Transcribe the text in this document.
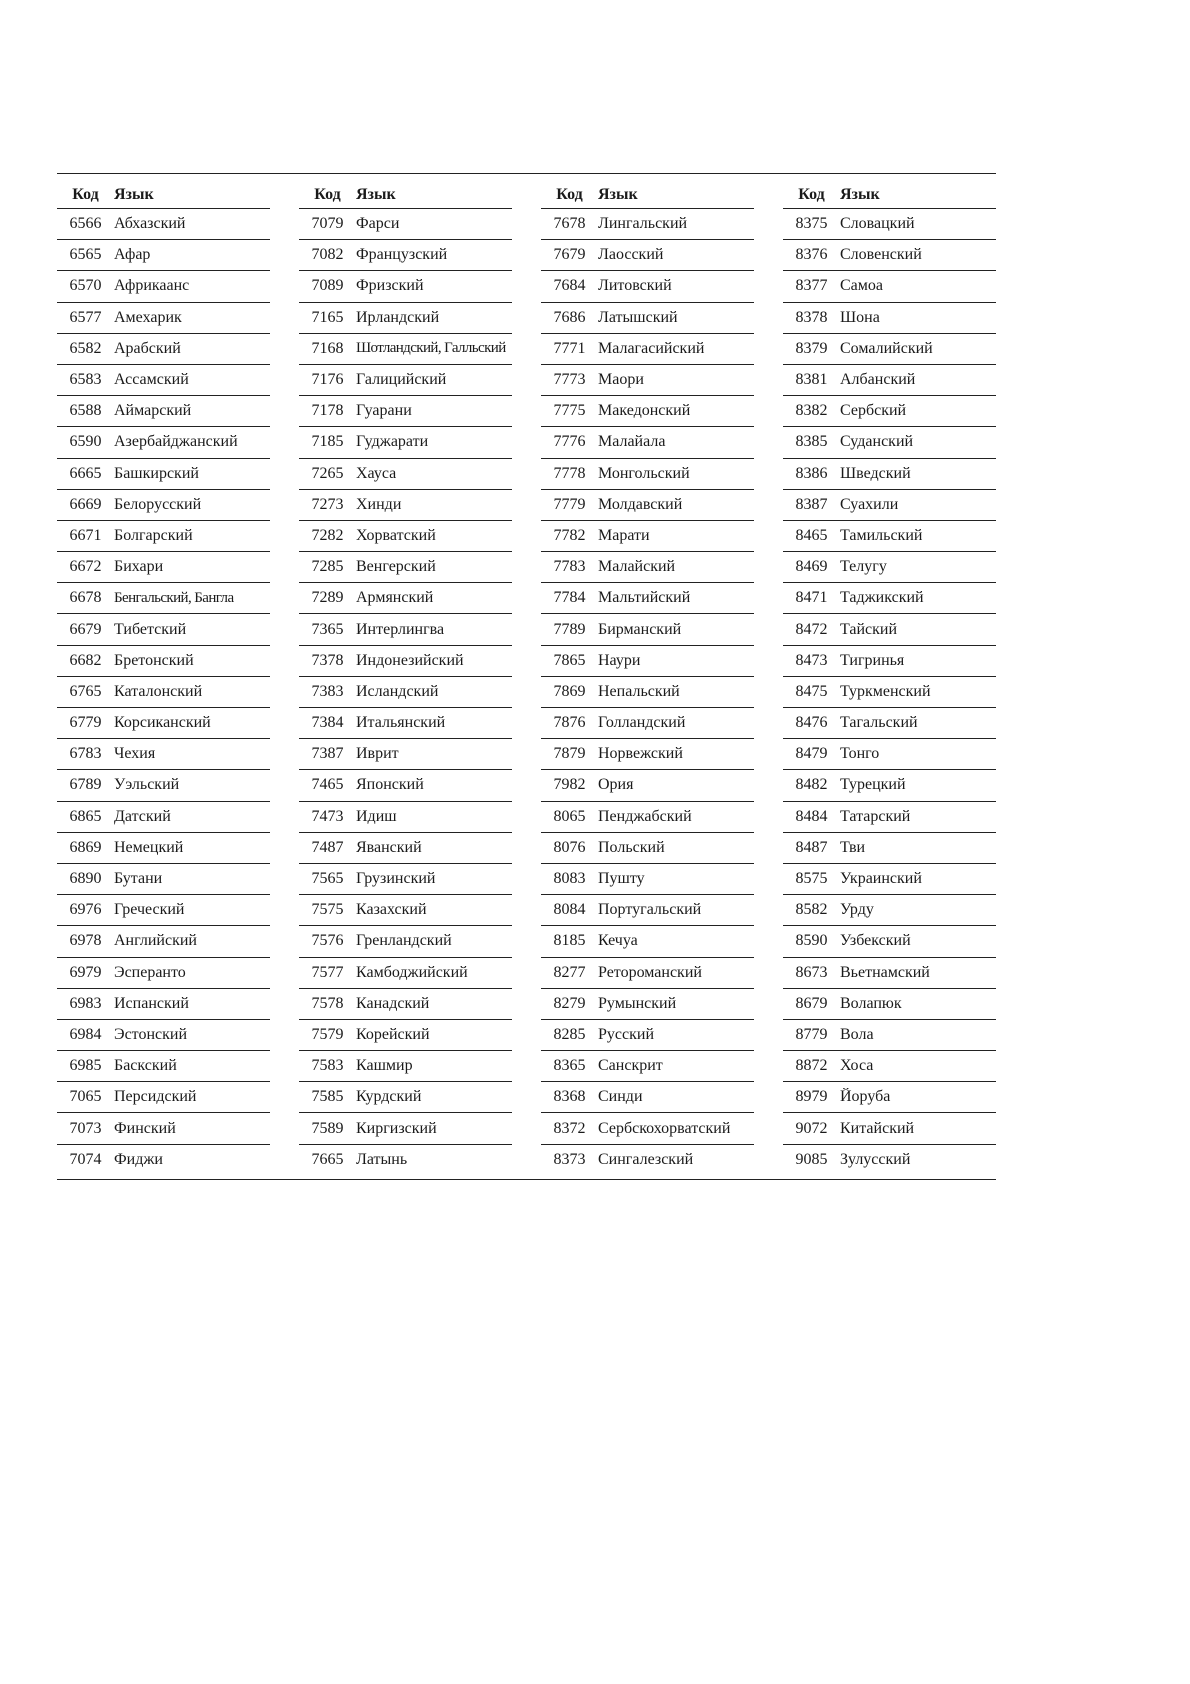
Код Язык
6566 Абхазский
6565 Афар
6570 Африкаанс
6577 Амехарик
6582 Арабский
6583 Ассамский
6588 Аймарский
6590 Азербайджанский
6665 Башкирский
6669 Белорусский
6671 Болгарский
6672 Бихари
6678 Бенгальский, Бангла
6679 Тибетский
6682 Бретонский
6765 Каталонский
6779 Корсиканский
6783 Чехия
6789 Уэльский
6865 Датский
6869 Немецкий
6890 Бутани
6976 Греческий
6978 Английский
6979 Эсперанто
6983 Испанский
6984 Эстонский
6985 Баскский
7065 Персидский
7073 Финский
7074 Фиджи
Код Язык
7079 Фарси
7082 Французский
7089 Фризский
7165 Ирландский
7168 Шотландский, Галльский
7176 Галицийский
7178 Гуарани
7185 Гуджарати
7265 Хауса
7273 Хинди
7282 Хорватский
7285 Венгерский
7289 Армянский
7365 Интерлингва
7378 Индонезийский
7383 Исландский
7384 Итальянский
7387 Иврит
7465 Японский
7473 Идиш
7487 Яванский
7565 Грузинский
7575 Казахский
7576 Гренландский
7577 Камбоджийский
7578 Канадский
7579 Корейский
7583 Кашмир
7585 Курдский
7589 Киргизский
7665 Латынь
Код Язык
7678 Лингальский
7679 Лаосский
7684 Литовский
7686 Латышский
7771 Малагасийский
7773 Маори
7775 Македонский
7776 Малайала
7778 Монгольский
7779 Молдавский
7782 Марати
7783 Малайский
7784 Мальтийский
7789 Бирманский
7865 Наури
7869 Непальский
7876 Голландский
7879 Норвежский
7982 Ория
8065 Пенджабский
8076 Польский
8083 Пушту
8084 Португальский
8185 Кечуа
8277 Ретороманский
8279 Румынский
8285 Русский
8365 Санскрит
8368 Синди
8372 Сербскохорватский
8373 Сингалезский
Код Язык
8375 Словацкий
8376 Словенский
8377 Самоа
8378 Шона
8379 Сомалийский
8381 Албанский
8382 Сербский
8385 Суданский
8386 Шведский
8387 Суахили
8465 Тамильский
8469 Телугу
8471 Таджикский
8472 Тайский
8473 Тигринья
8475 Туркменский
8476 Тагальский
8479 Тонго
8482 Турецкий
8484 Татарский
8487 Тви
8575 Украинский
8582 Урду
8590 Узбекский
8673 Вьетнамский
8679 Волапюк
8779 Вола
8872 Хоса
8979 Йоруба
9072 Китайский
9085 Зулусский
